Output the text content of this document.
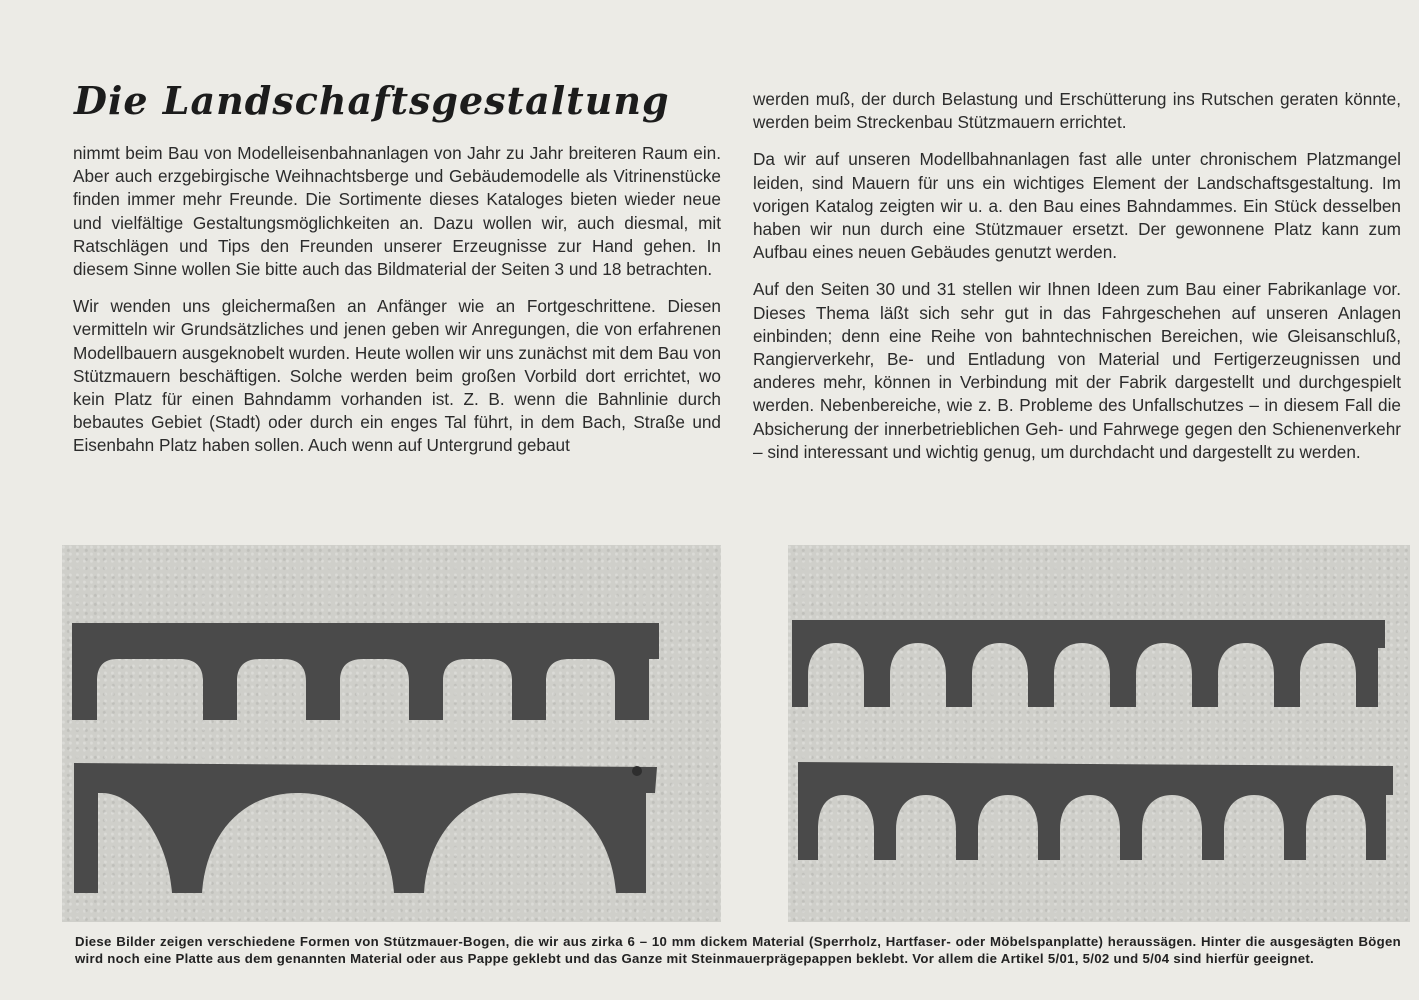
Die Landschaftsgestaltung

nimmt beim Bau von Modelleisenbahnanlagen von Jahr zu Jahr breiteren Raum ein. Aber auch erzgebirgische Weihnachtsberge und Gebäudemodelle als Vitrinenstücke finden immer mehr Freunde. Die Sortimente dieses Kataloges bieten wieder neue und vielfältige Gestaltungsmöglichkeiten an. Dazu wollen wir, auch diesmal, mit Ratschlägen und Tips den Freunden unserer Erzeugnisse zur Hand gehen. In diesem Sinne wollen Sie bitte auch das Bildmaterial der Seiten 3 und 18 betrachten.

Wir wenden uns gleichermaßen an Anfänger wie an Fortgeschrittene. Diesen vermitteln wir Grundsätzliches und jenen geben wir Anregungen, die von erfahrenen Modellbauern ausgeknobelt wurden. Heute wollen wir uns zunächst mit dem Bau von Stützmauern beschäftigen. Solche werden beim großen Vorbild dort errichtet, wo kein Platz für einen Bahndamm vorhanden ist. Z. B. wenn die Bahnlinie durch bebautes Gebiet (Stadt) oder durch ein enges Tal führt, in dem Bach, Straße und Eisenbahn Platz haben sollen. Auch wenn auf Untergrund gebaut

werden muß, der durch Belastung und Erschütterung ins Rutschen geraten könnte, werden beim Streckenbau Stützmauern errichtet.

Da wir auf unseren Modellbahnanlagen fast alle unter chronischem Platzmangel leiden, sind Mauern für uns ein wichtiges Element der Landschaftsgestaltung. Im vorigen Katalog zeigten wir u. a. den Bau eines Bahndammes. Ein Stück desselben haben wir nun durch eine Stützmauer ersetzt. Der gewonnene Platz kann zum Aufbau eines neuen Gebäudes genutzt werden.

Auf den Seiten 30 und 31 stellen wir Ihnen Ideen zum Bau einer Fabrikanlage vor. Dieses Thema läßt sich sehr gut in das Fahrgeschehen auf unseren Anlagen einbinden; denn eine Reihe von bahntechnischen Bereichen, wie Gleisanschluß, Rangierverkehr, Be- und Entladung von Material und Fertigerzeugnissen und anderes mehr, können in Verbindung mit der Fabrik dargestellt und durchgespielt werden. Nebenbereiche, wie z. B. Probleme des Unfallschutzes – in diesem Fall die Absicherung der innerbetrieblichen Geh- und Fahrwege gegen den Schienenverkehr – sind interessant und wichtig genug, um durchdacht und dargestellt zu werden.

Diese Bilder zeigen verschiedene Formen von Stützmauer-Bogen, die wir aus zirka 6 – 10 mm dickem Material (Sperrholz, Hartfaser- oder Möbelspanplatte) heraussägen. Hinter die ausgesägten Bögen wird noch eine Platte aus dem genannten Material oder aus Pappe geklebt und das Ganze mit Steinmauerprägepappen beklebt. Vor allem die Artikel 5/01, 5/02 und 5/04 sind hierfür geeignet.
